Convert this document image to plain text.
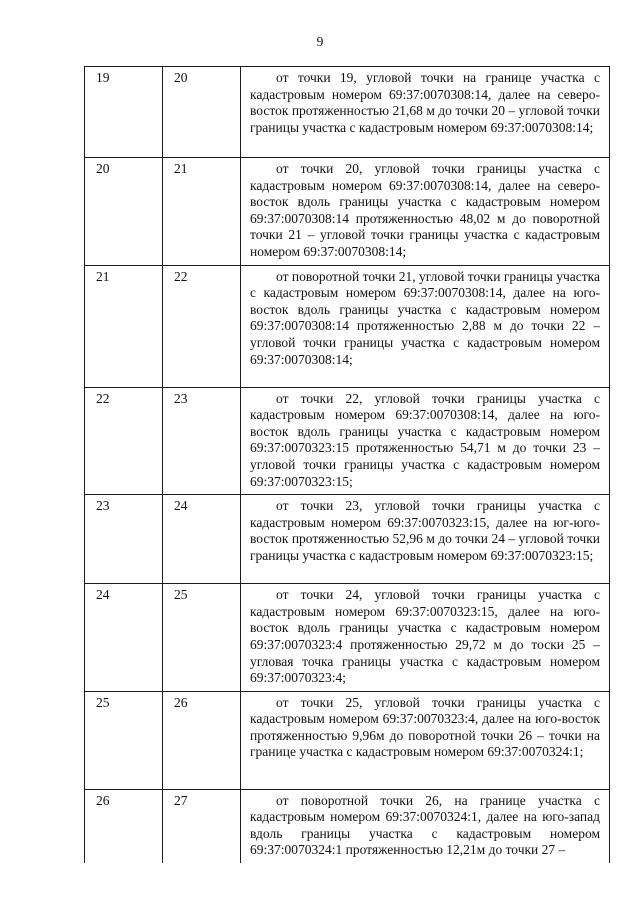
9
19	20	от точки 19, угловой точки на границе участка с кадастровым номером 69:37:0070308:14, далее на северо-восток протяженностью 21,68 м до точки 20 – угловой точки границы участка с кадастровым номером 69:37:0070308:14;

20	21	от точки 20, угловой точки границы участка с кадастровым номером 69:37:0070308:14, далее на северо-восток вдоль границы участка с кадастровым номером 69:37:0070308:14 протяженностью 48,02 м до поворотной точки 21 – угловой точки границы участка с кадастровым номером 69:37:0070308:14;

21	22	от поворотной точки 21, угловой точки границы участка с кадастровым номером 69:37:0070308:14, далее на юго-восток вдоль границы участка с кадастровым номером 69:37:0070308:14 протяженностью 2,88 м до точки 22 – угловой точки границы участка с кадастровым номером 69:37:0070308:14;

22	23	от точки 22, угловой точки границы участка с кадастровым номером 69:37:0070308:14, далее на юго-восток вдоль границы участка с кадастровым номером 69:37:0070323:15 протяженностью 54,71 м до точки 23 – угловой точки границы участка с кадастровым номером 69:37:0070323:15;

23	24	от точки 23, угловой точки границы участка с кадастровым номером 69:37:0070323:15, далее на юг-юго-восток протяженностью 52,96 м до точки 24 – угловой точки границы участка с кадастровым номером 69:37:0070323:15;

24	25	от точки 24, угловой точки границы участка с кадастровым номером 69:37:0070323:15, далее на юго-восток вдоль границы участка с кадастровым номером 69:37:0070323:4 протяженностью 29,72 м до тоски 25 – угловая точка границы участка с кадастровым номером 69:37:0070323:4;

25	26	от точки 25, угловой точки границы участка с кадастровым номером 69:37:0070323:4, далее на юго-восток протяженностью 9,96м до поворотной точки 26 – точки на границе участка с кадастровым номером 69:37:0070324:1;

26	27	от поворотной точки 26, на границе участка с кадастровым номером 69:37:0070324:1, далее на юго-запад вдоль границы участка с кадастровым номером 69:37:0070324:1 протяженностью 12,21м до точки 27 –
